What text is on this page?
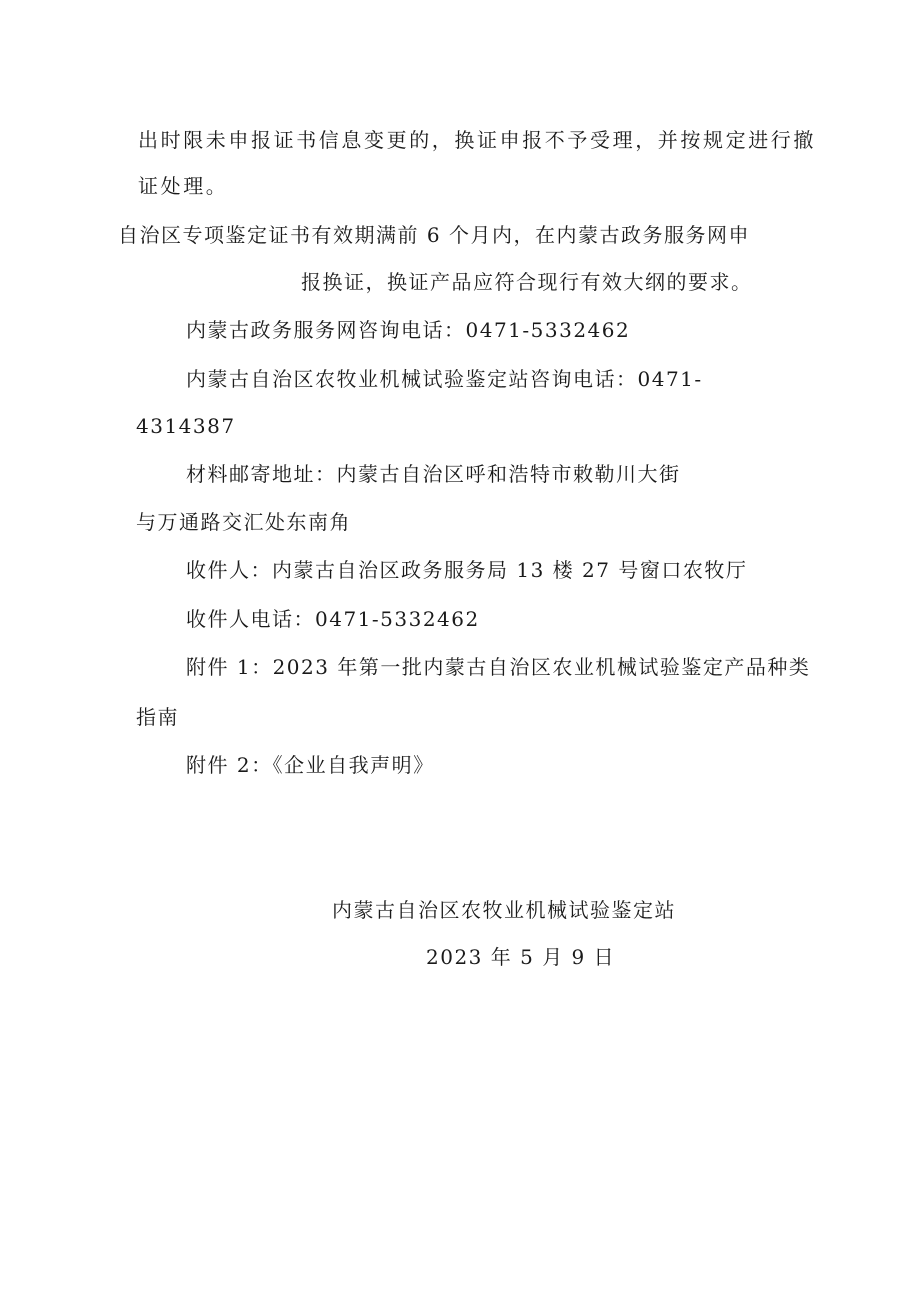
出时限未申报证书信息变更的，换证申报不予受理，并按规定进行撤
证处理。
自治区专项鉴定证书有效期满前 6 个月内，在内蒙古政务服务网申
报换证，换证产品应符合现行有效大纲的要求。
内蒙古政务服务网咨询电话：0471-5332462
内蒙古自治区农牧业机械试验鉴定站咨询电话：0471-
4314387
材料邮寄地址：内蒙古自治区呼和浩特市敕勒川大街
与万通路交汇处东南角
收件人：内蒙古自治区政务服务局 13 楼 27 号窗口农牧厅
收件人电话：0471-5332462
附件 1：2023 年第一批内蒙古自治区农业机械试验鉴定产品种类
指南
附件 2：《企业自我声明》
内蒙古自治区农牧业机械试验鉴定站
2023 年 5 月 9 日
